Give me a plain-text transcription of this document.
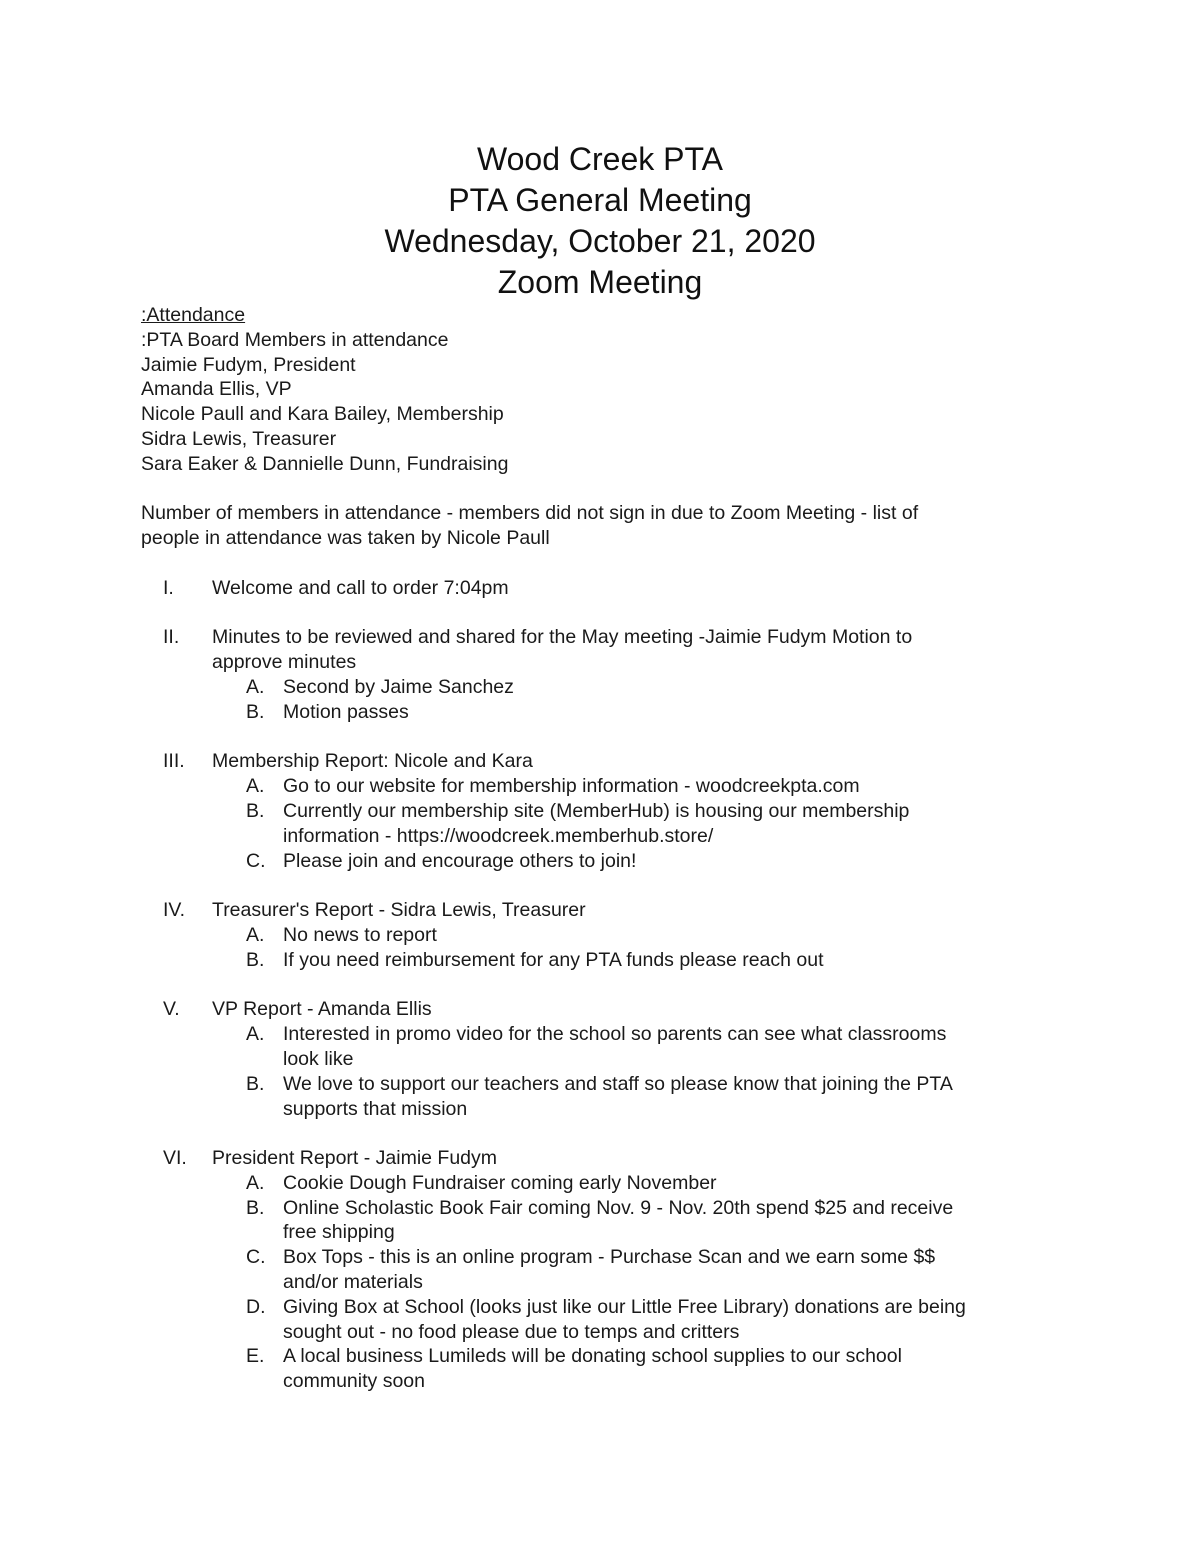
Wood Creek PTA

PTA General Meeting

Wednesday, October 21, 2020

Zoom Meeting

:Attendance

:PTA Board Members in attendance

Jaimie Fudym, President

Amanda Ellis, VP

Nicole Paull and Kara Bailey, Membership

Sidra Lewis, Treasurer

Sara Eaker & Dannielle Dunn, Fundraising

Number of members in attendance - members did not sign in due to Zoom Meeting - list of

people in attendance was taken by Nicole Paull

I. Welcome and call to order 7:04pm

II. Minutes to be reviewed and shared for the May meeting -Jaimie Fudym Motion to

approve minutes

A. Second by Jaime Sanchez

B. Motion passes

III. Membership Report: Nicole and Kara

A. Go to our website for membership information - woodcreekpta.com

B. Currently our membership site (MemberHub) is housing our membership

information - https://woodcreek.memberhub.store/

C. Please join and encourage others to join!

IV. Treasurer's Report - Sidra Lewis, Treasurer

A. No news to report

B. If you need reimbursement for any PTA funds please reach out

V. VP Report - Amanda Ellis

A. Interested in promo video for the school so parents can see what classrooms

look like

B. We love to support our teachers and staff so please know that joining the PTA

supports that mission

VI. President Report - Jaimie Fudym

A. Cookie Dough Fundraiser coming early November

B. Online Scholastic Book Fair coming Nov. 9 - Nov. 20th spend $25 and receive

free shipping

C. Box Tops - this is an online program - Purchase Scan and we earn some $$

and/or materials

D. Giving Box at School (looks just like our Little Free Library) donations are being

sought out - no food please due to temps and critters

E. A local business Lumileds will be donating school supplies to our school

community soon
